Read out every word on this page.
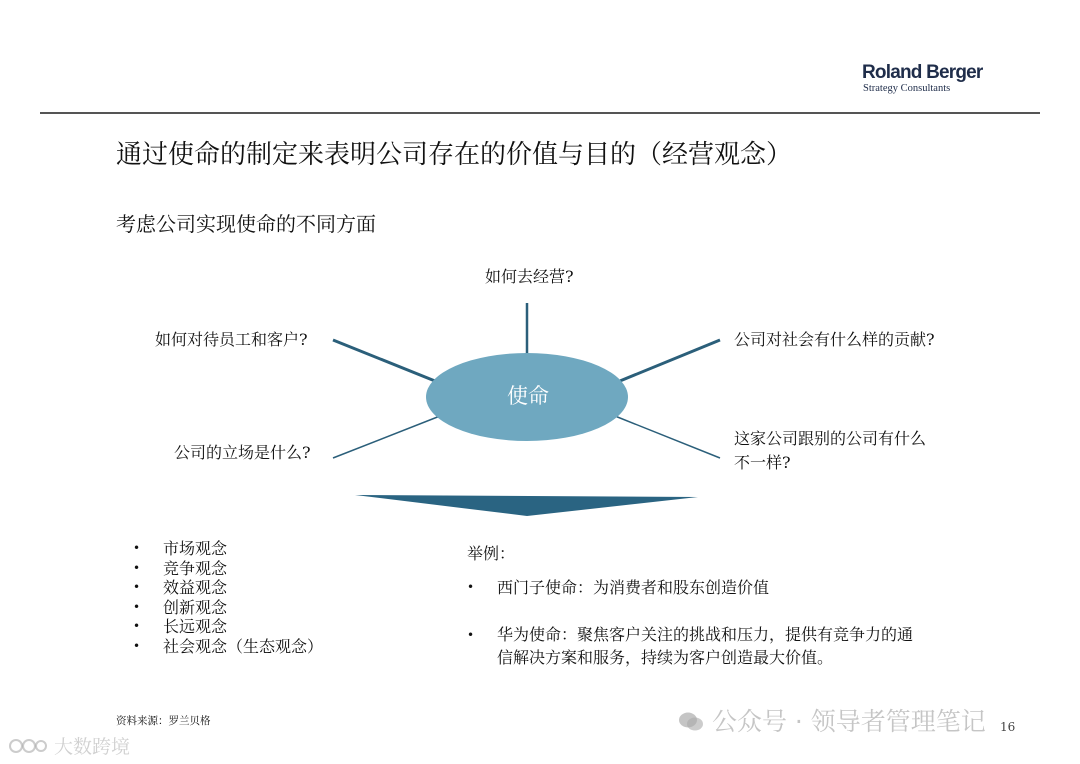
Roland Berger
Strategy Consultants
通过使命的制定来表明公司存在的价值与目的（经营观念）
考虑公司实现使命的不同方面
使命
如何去经营?
如何对待员工和客户?	公司对社会有什么样的贡献?
公司的立场是什么?
这家公司跟别的公司有什么
不一样?
• 市场观念
• 竞争观念
• 效益观念
• 创新观念
• 长远观念
• 社会观念（生态观念）
举例：
• 西门子使命：为消费者和股东创造价值
• 华为使命：聚焦客户关注的挑战和压力，提供有竞争力的通
信解决方案和服务，持续为客户创造最大价值。
资料来源：罗兰贝格	公众号 · 领导者管理笔记 16
大数跨境
